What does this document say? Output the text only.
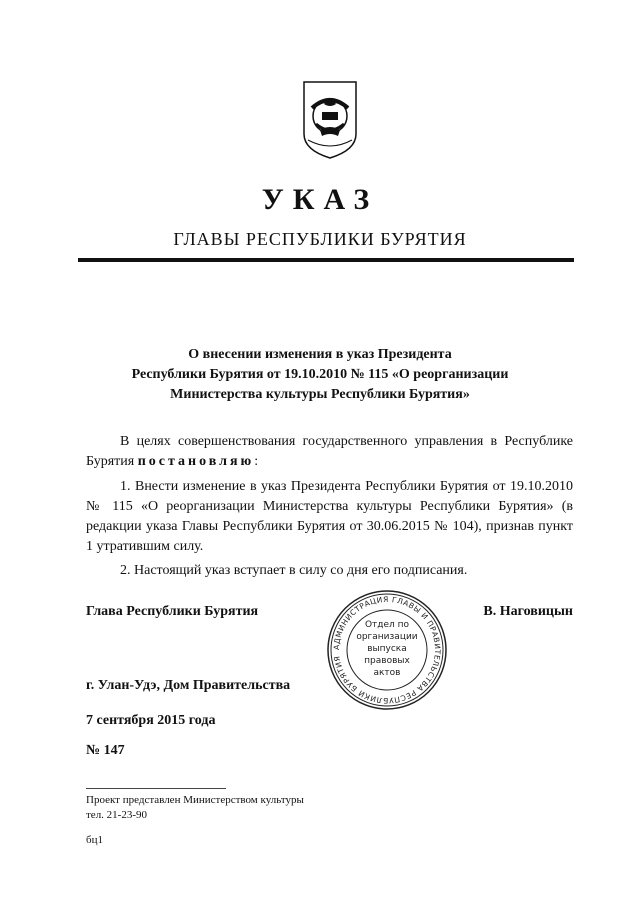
УКАЗ
ГЛАВЫ РЕСПУБЛИКИ БУРЯТИЯ
О внесении изменения в указ Президента
Республики Бурятия от 19.10.2010 № 115 «О реорганизации
Министерства культуры Республики Бурятия»
В целях совершенствования государственного управления в Республике Бурятия постановляю:
1. Внести изменение в указ Президента Республики Бурятия от 19.10.2010 № 115 «О реорганизации Министерства культуры Республики Бурятия» (в редакции указа Главы Республики Бурятия от 30.06.2015 № 104), признав пункт 1 утратившим силу.
2. Настоящий указ вступает в силу со дня его подписания.
Глава Республики Бурятия	В. Наговицын
АДМИНИСТРАЦИЯ ГЛАВЫ И ПРАВИТЕЛЬСТВА РЕСПУБЛИКИ БУРЯТИЯ
Отдел по
организации
выпуска
правовых
актов
г. Улан-Удэ, Дом Правительства
7 сентября 2015 года
№ 147
Проект представлен Министерством культуры
тел. 21-23-90
бц1
